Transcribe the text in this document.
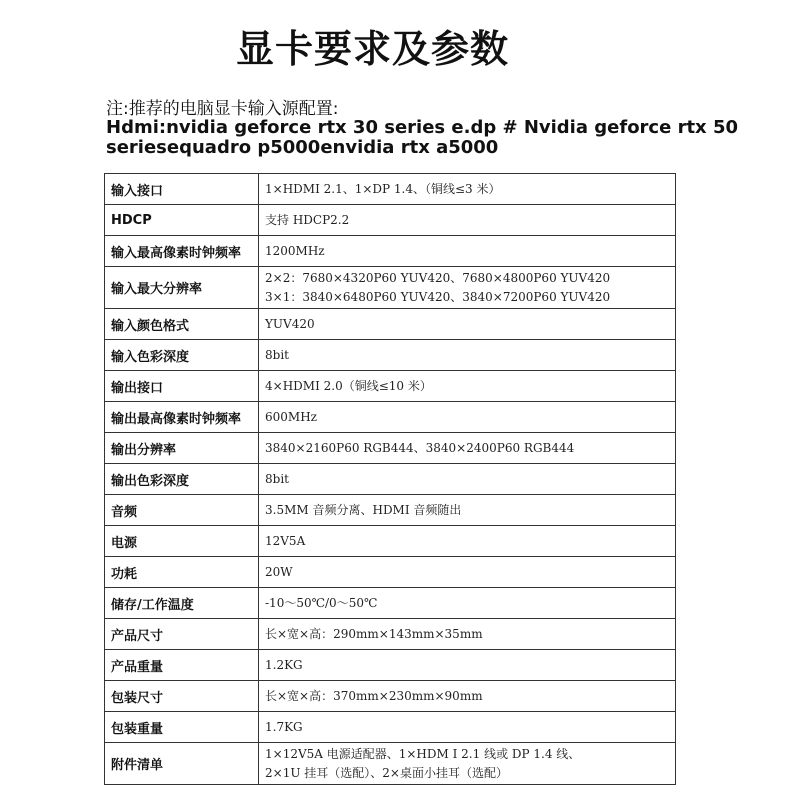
显卡要求及参数
注:推荐的电脑显卡输入源配置:
Hdmi:nvidia geforce rtx 30 series e.dp # Nvidia geforce rtx 50 seriesequadro p5000envidia rtx a5000
输入接口	1×HDMI 2.1、1×DP 1.4、（铜线≤3 米）

HDCP	支持 HDCP2.2

输入最高像素时钟频率	1200MHz

输入最大分辨率	2×2：7680×4320P60 YUV420、7680×4800P60 YUV420
3×1：3840×6480P60 YUV420、3840×7200P60 YUV420

输入颜色格式	YUV420

输入色彩深度	8bit

输出接口	4×HDMI 2.0（铜线≤10 米）

输出最高像素时钟频率	600MHz

输出分辨率	3840×2160P60 RGB444、3840×2400P60 RGB444

输出色彩深度	8bit

音频	3.5MM 音频分离、HDMI 音频随出

电源	12V5A

功耗	20W

储存/工作温度	-10～50℃/0～50℃

产品尺寸	长×宽×高：290mm×143mm×35mm

产品重量	1.2KG

包装尺寸	长×宽×高：370mm×230mm×90mm

包装重量	1.7KG

附件清单	1×12V5A 电源适配器、1×HDM I 2.1 线或 DP 1.4 线、
2×1U 挂耳（选配）、2×桌面小挂耳（选配）
